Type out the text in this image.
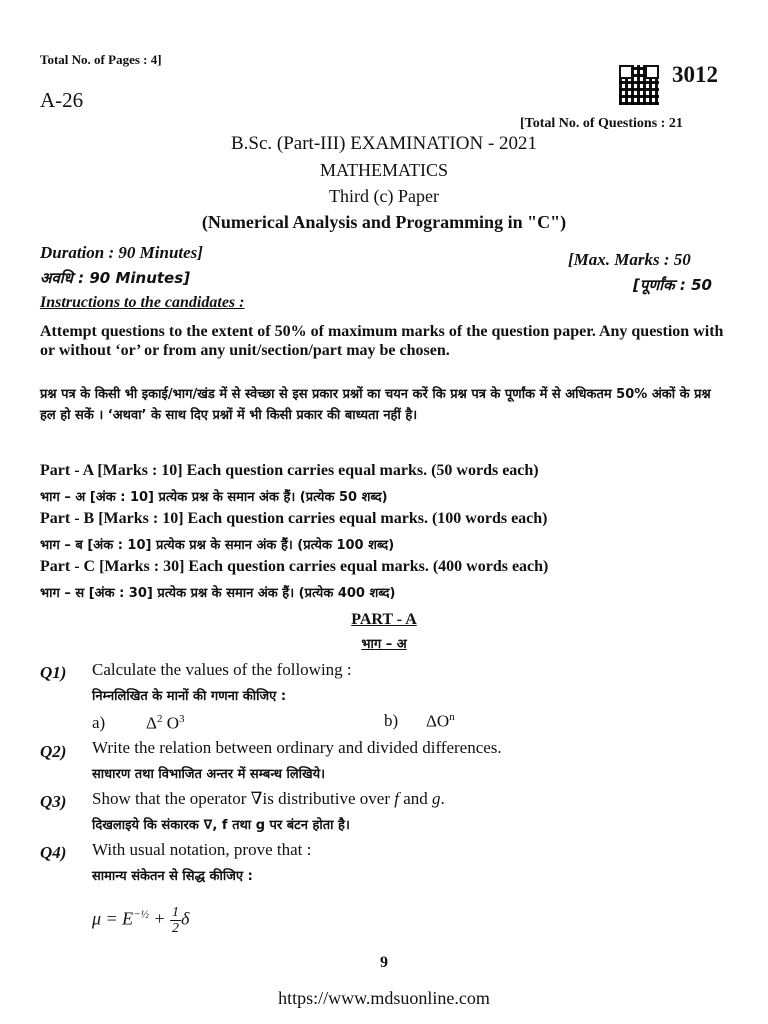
Total No. of Pages : 4]
3012
A-26
[Total No. of Questions : 21
B.Sc. (Part-III) EXAMINATION - 2021
MATHEMATICS
Third (c) Paper
(Numerical Analysis and Programming in "C")
Duration : 90 Minutes]	[Max. Marks : 50
अवधि : 90 Minutes]	[पूर्णांक : 50
Instructions to the candidates :
Attempt questions to the extent of 50% of maximum marks of the question paper. Any question with or without ‘or’ or from any unit/section/part may be chosen.
प्रश्न पत्र के किसी भी इकाई/भाग/खंड में से स्वेच्छा से इस प्रकार प्रश्नों का चयन करें कि प्रश्न पत्र के पूर्णांक में से अधिकतम 50% अंकों के प्रश्न हल हो सकें । ‘अथवा’ के साथ दिए प्रश्नों में भी किसी प्रकार की बाध्यता नहीं है।
Part - A [Marks : 10] Each question carries equal marks. (50 words each)
भाग – अ [अंक : 10] प्रत्येक प्रश्न के समान अंक हैं। (प्रत्येक 50 शब्द)
Part - B [Marks : 10] Each question carries equal marks. (100 words each)
भाग – ब [अंक : 10] प्रत्येक प्रश्न के समान अंक हैं। (प्रत्येक 100 शब्द)
Part - C [Marks : 30] Each question carries equal marks. (400 words each)
भाग – स [अंक : 30] प्रत्येक प्रश्न के समान अंक हैं। (प्रत्येक 400 शब्द)
PART - A
भाग – अ
Q1) Calculate the values of the following :
निम्नलिखित के मानों की गणना कीजिए :
a) $\Delta^2$ $O^3$	b) $\Delta O^n$
Q2) Write the relation between ordinary and divided differences.
साधारण तथा विभाजित अन्तर में सम्बन्ध लिखिये।
Q3) Show that the operator ∇is distributive over f and g.
दिखलाइये कि संकारक ∇, f तथा g पर बंटन होता है।
Q4) With usual notation, prove that :
सामान्य संकेतन से सिद्ध कीजिए :
$\mu = E^{-\frac{1}{2}} + \frac{1}{2}$ δ
9
https://www.mdsuonline.com
